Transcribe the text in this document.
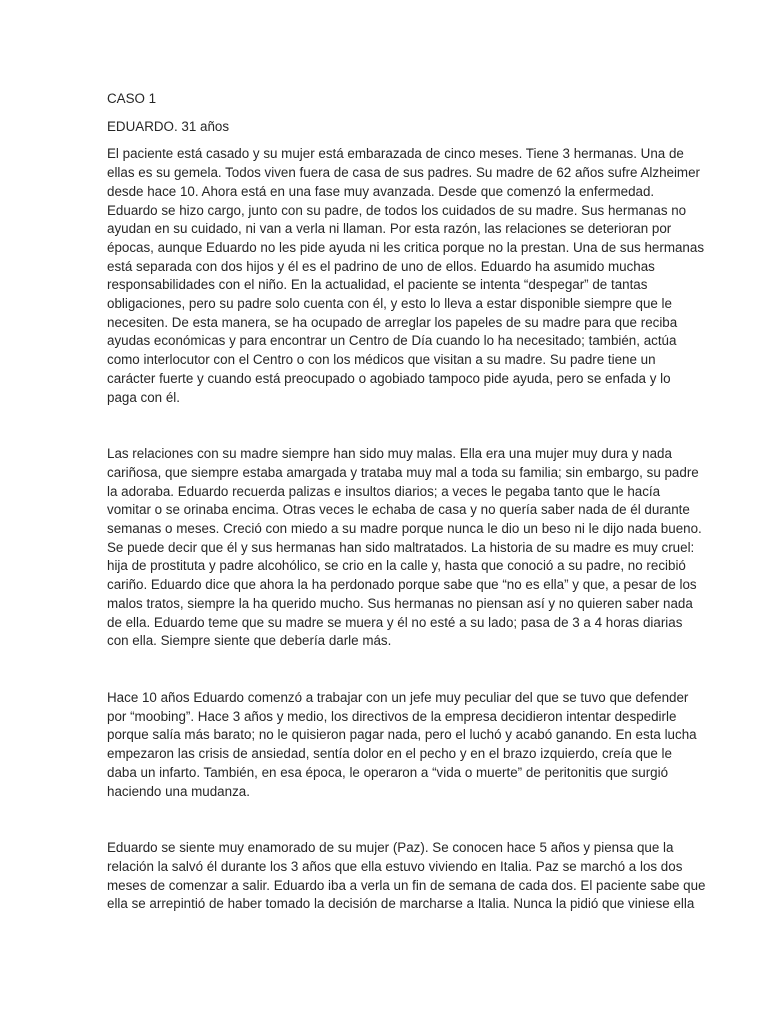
CASO 1
EDUARDO. 31 años
El paciente está casado y su mujer está embarazada de cinco meses. Tiene 3 hermanas. Una de
ellas es su gemela. Todos viven fuera de casa de sus padres. Su madre de 62 años sufre Alzheimer
desde hace 10. Ahora está en una fase muy avanzada. Desde que comenzó la enfermedad.
Eduardo se hizo cargo, junto con su padre, de todos los cuidados de su madre. Sus hermanas no
ayudan en su cuidado, ni van a verla ni llaman. Por esta razón, las relaciones se deterioran por
épocas, aunque Eduardo no les pide ayuda ni les critica porque no la prestan. Una de sus hermanas
está separada con dos hijos y él es el padrino de uno de ellos. Eduardo ha asumido muchas
responsabilidades con el niño. En la actualidad, el paciente se intenta “despegar” de tantas
obligaciones, pero su padre solo cuenta con él, y esto lo lleva a estar disponible siempre que le
necesiten. De esta manera, se ha ocupado de arreglar los papeles de su madre para que reciba
ayudas económicas y para encontrar un Centro de Día cuando lo ha necesitado; también, actúa
como interlocutor con el Centro o con los médicos que visitan a su madre. Su padre tiene un
carácter fuerte y cuando está preocupado o agobiado tampoco pide ayuda, pero se enfada y lo
paga con él.
Las relaciones con su madre siempre han sido muy malas. Ella era una mujer muy dura y nada
cariñosa, que siempre estaba amargada y trataba muy mal a toda su familia; sin embargo, su padre
la adoraba. Eduardo recuerda palizas e insultos diarios; a veces le pegaba tanto que le hacía
vomitar o se orinaba encima. Otras veces le echaba de casa y no quería saber nada de él durante
semanas o meses. Creció con miedo a su madre porque nunca le dio un beso ni le dijo nada bueno.
Se puede decir que él y sus hermanas han sido maltratados. La historia de su madre es muy cruel:
hija de prostituta y padre alcohólico, se crio en la calle y, hasta que conoció a su padre, no recibió
cariño. Eduardo dice que ahora la ha perdonado porque sabe que “no es ella” y que, a pesar de los
malos tratos, siempre la ha querido mucho. Sus hermanas no piensan así y no quieren saber nada
de ella. Eduardo teme que su madre se muera y él no esté a su lado; pasa de 3 a 4 horas diarias
con ella. Siempre siente que debería darle más.
Hace 10 años Eduardo comenzó a trabajar con un jefe muy peculiar del que se tuvo que defender
por “moobing”. Hace 3 años y medio, los directivos de la empresa decidieron intentar despedirle
porque salía más barato; no le quisieron pagar nada, pero el luchó y acabó ganando. En esta lucha
empezaron las crisis de ansiedad, sentía dolor en el pecho y en el brazo izquierdo, creía que le
daba un infarto. También, en esa época, le operaron a “vida o muerte” de peritonitis que surgió
haciendo una mudanza.
Eduardo se siente muy enamorado de su mujer (Paz). Se conocen hace 5 años y piensa que la
relación la salvó él durante los 3 años que ella estuvo viviendo en Italia. Paz se marchó a los dos
meses de comenzar a salir. Eduardo iba a verla un fin de semana de cada dos. El paciente sabe que
ella se arrepintió de haber tomado la decisión de marcharse a Italia. Nunca la pidió que viniese ella
